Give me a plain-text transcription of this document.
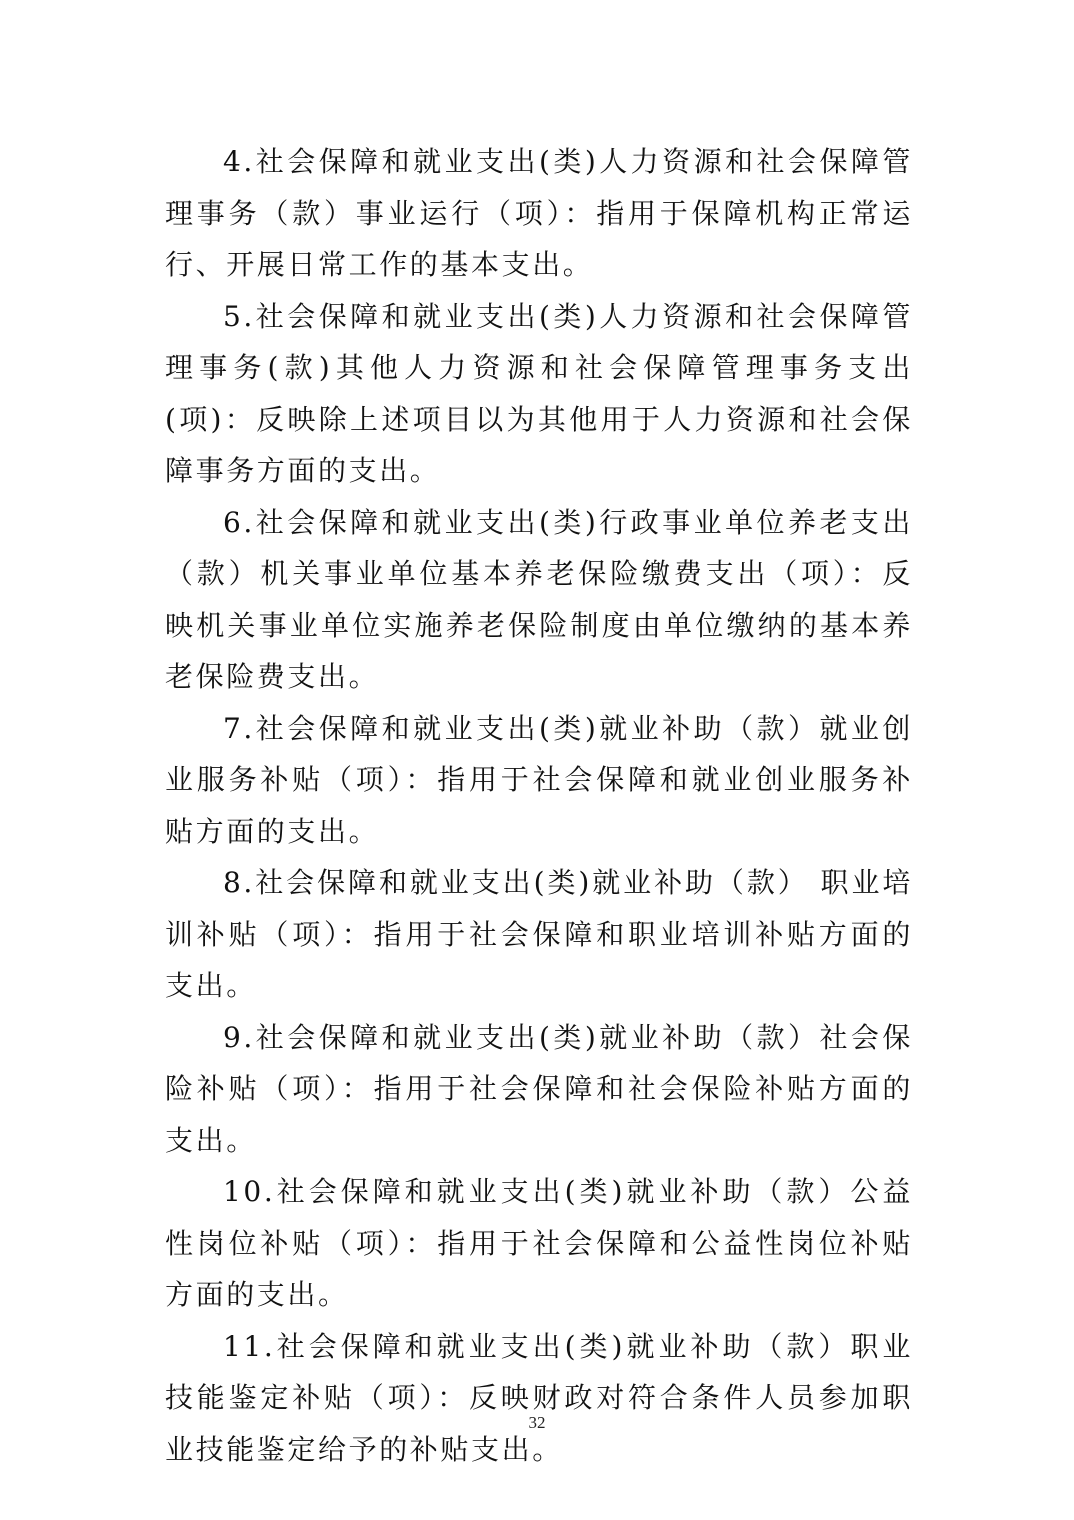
4.社会保障和就业支出(类)人力资源和社会保障管理事务（款）事业运行（项）：指用于保障机构正常运行、开展日常工作的基本支出。

5.社会保障和就业支出(类)人力资源和社会保障管理事务(款)其他人力资源和社会保障管理事务支出(项)：反映除上述项目以为其他用于人力资源和社会保障事务方面的支出。

6.社会保障和就业支出(类)行政事业单位养老支出（款）机关事业单位基本养老保险缴费支出（项）：反映机关事业单位实施养老保险制度由单位缴纳的基本养老保险费支出。

7.社会保障和就业支出(类)就业补助（款）就业创业服务补贴（项）：指用于社会保障和就业创业服务补贴方面的支出。

8.社会保障和就业支出(类)就业补助（款） 职业培训补贴（项）：指用于社会保障和职业培训补贴方面的支出。

9.社会保障和就业支出(类)就业补助（款）社会保险补贴（项）：指用于社会保障和社会保险补贴方面的支出。

10.社会保障和就业支出(类)就业补助（款）公益性岗位补贴（项）：指用于社会保障和公益性岗位补贴方面的支出。

11.社会保障和就业支出(类)就业补助（款）职业技能鉴定补贴（项）：反映财政对符合条件人员参加职业技能鉴定给予的补贴支出。

32
